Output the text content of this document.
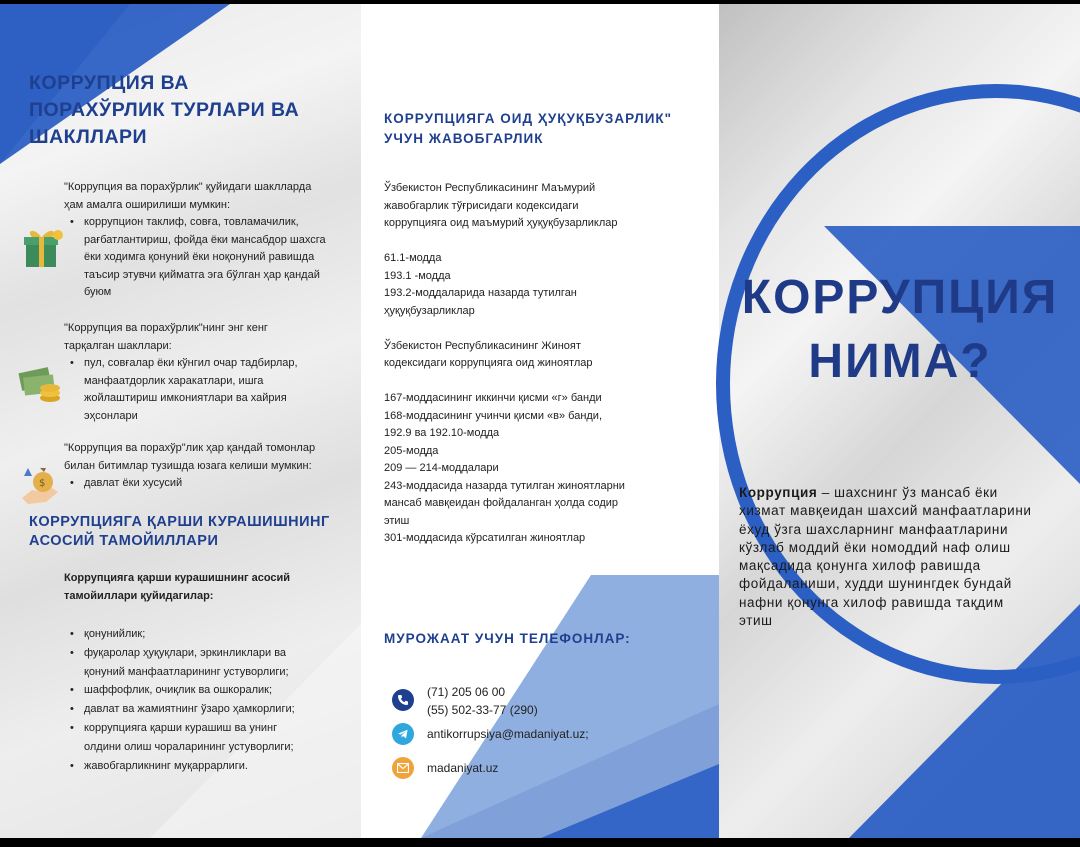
КОРРУПЦИЯ ВА
ПОРАХЎРЛИК ТУРЛАРИ ВА
ШАКЛЛАРИ
"Коррупция ва порахўрлик" қуйидаги шаклларда
ҳам амалга оширилиши мумкин:
• коррупцион таклиф, совға, товламачилик,
рағбатлантириш, фойда ёки мансабдор шахсга
ёки ходимга қонуний ёки ноқонуний равишда
таъсир этувчи қийматга эга бўлган ҳар қандай
буюм
"Коррупция ва порахўрлик"нинг энг кенг
тарқалган шакллари:
• пул, совғалар ёки кўнгил очар тадбирлар,
манфаатдорлик харакатлари, ишга
жойлаштириш имкониятлари ва хайрия
эҳсонлари
$
"Коррупция ва порахўр"лик ҳар қандай томонлар
билан битимлар тузишда юзага келиши мумкин:
• давлат ёки хусусий
КОРРУПЦИЯГА ҚАРШИ КУРАШИШНИНГ
АСОСИЙ ТАМОЙИЛЛАРИ
Коррупцияга қарши курашишнинг асосий
тамойиллари қуйидагилар:
• қонунийлик;
• фуқаролар ҳуқуқлари, эркинликлари ва
қонуний манфаатларининг устуворлиги;
• шаффофлик, очиқлик ва ошкоралик;
• давлат ва жамиятнинг ўзаро ҳамкорлиги;
• коррупцияга қарши курашиш ва унинг
олдини олиш чораларининг устуворлиги;
• жавобгарликнинг муқаррарлиги.
КОРРУПЦИЯГА ОИД ҲУҚУҚБУЗАРЛИК"
УЧУН ЖАВОБГАРЛИК
Ўзбекистон Республикасининг Маъмурий
жавобгарлик тўғрисидаги кодексидаги
коррупцияга оид маъмурий ҳуқуқбузарликлар
61.1-модда
193.1 -модда
193.2-моддаларида назарда тутилган
ҳуқуқбузарликлар
Ўзбекистон Республикасининг Жиноят
кодексидаги коррупцияга оид жиноятлар
167-моддасининг иккинчи қисми «г» банди
168-моддасининг учинчи қисми «в» банди,
192.9 ва 192.10-модда
205-модда
209 — 214-моддалари
243-моддасида назарда тутилган жиноятларни
мансаб мавқеидан фойдаланган ҳолда содир
этиш
301-моддасида кўрсатилган жиноятлар
МУРОЖААТ УЧУН ТЕЛЕФОНЛАР:
(71) 205 06 00
(55) 502-33-77 (290)
antikorrupsiya@madaniyat.uz;
madaniyat.uz
КОРРУПЦИЯ
НИМА?
Коррупция – шахснинг ўз мансаб ёки хизмат мавқеидан шахсий манфаатларини ёхуд ўзга шахсларнинг манфаатларини кўзлаб моддий ёки номоддий наф олиш мақсадида қонунга хилоф равишда фойдаланиши, худди шунингдек бундай нафни қонунга хилоф равишда тақдим этиш
